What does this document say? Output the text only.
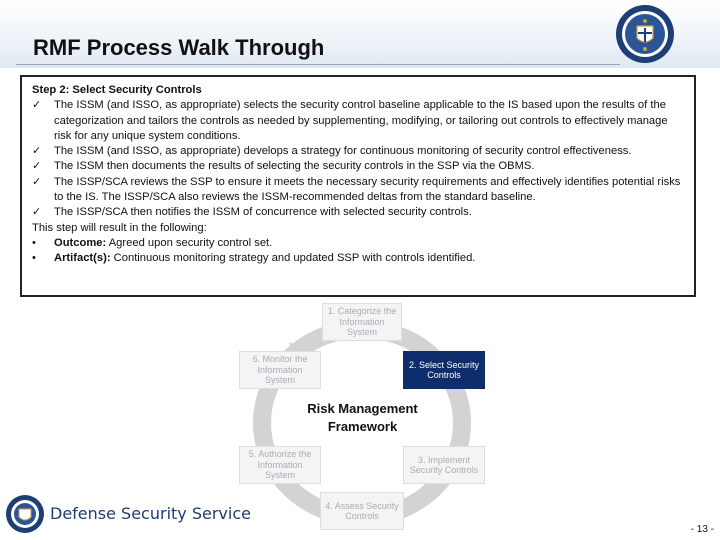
RMF Process Walk Through
Step 2: Select Security Controls
✓	The ISSM (and ISSO, as appropriate) selects the security control baseline applicable to the IS based upon the results of the categorization and tailors the controls as needed by supplementing, modifying, or tailoring out controls to effectively manage risk for any unique system conditions.
✓	The ISSM (and ISSO, as appropriate) develops a strategy for continuous monitoring of security control effectiveness.
✓	The ISSM then documents the results of selecting the security controls in the SSP via the OBMS.
✓	The ISSP/SCA reviews the SSP to ensure it meets the necessary security requirements and effectively identifies potential risks to the IS. The ISSP/SCA also reviews the ISSM-recommended deltas from the standard baseline.
✓	The ISSP/SCA then notifies the ISSM of concurrence with selected security controls.
This step will result in the following:
•	Outcome: Agreed upon security control set.
•	Artifact(s): Continuous monitoring strategy and updated SSP with controls identified.
1. Categorize the Information System
2. Select Security Controls
3. Implement Security Controls
4. Assess Security Controls
5. Authorize the Information System
6. Monitor the Information System
Risk Management
Framework
Defense Security Service
- 13 -
